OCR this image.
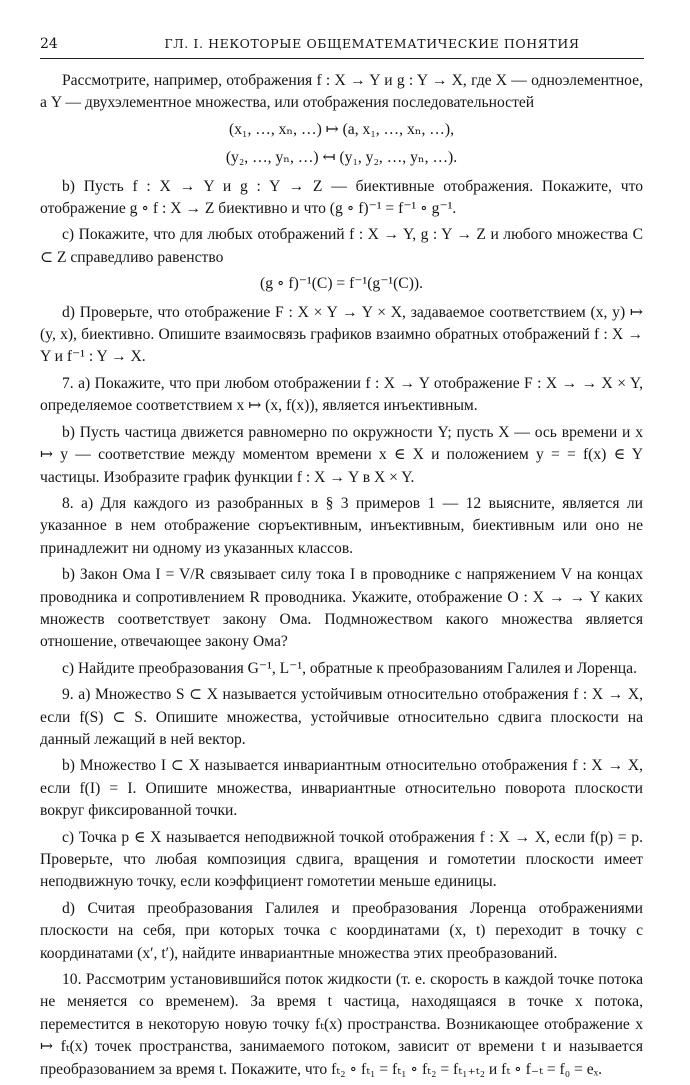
24	ГЛ. I. НЕКОТОРЫЕ ОБЩЕМАТЕМАТИЧЕСКИЕ ПОНЯТИЯ

Рассмотрите, например, отображения f : X → Y и g : Y → X, где X — одноэлементное, а Y — двухэлементное множества, или отображения последовательностей

(x₁, …, xₙ, …) ↦ (a, x₁, …, xₙ, …),
(y₂, …, yₙ, …) ↤ (y₁, y₂, …, yₙ, …).

b) Пусть f : X → Y и g : Y → Z — биективные отображения. Покажите, что отображение g ∘ f : X → Z биективно и что (g ∘ f)⁻¹ = f⁻¹ ∘ g⁻¹.

c) Покажите, что для любых отображений f : X → Y, g : Y → Z и любого множества C ⊂ Z справедливо равенство

(g ∘ f)⁻¹(C) = f⁻¹(g⁻¹(C)).

d) Проверьте, что отображение F : X × Y → Y × X, задаваемое соответствием (x, y) ↦ (y, x), биективно. Опишите взаимосвязь графиков взаимно обратных отображений f : X → Y и f⁻¹ : Y → X.

7. a) Покажите, что при любом отображении f : X → Y отображение F : X → → X × Y, определяемое соответствием x ↦ (x, f(x)), является инъективным.

b) Пусть частица движется равномерно по окружности Y; пусть X — ось времени и x ↦ y — соответствие между моментом времени x ∈ X и положением y = = f(x) ∈ Y частицы. Изобразите график функции f : X → Y в X × Y.

8. a) Для каждого из разобранных в § 3 примеров 1 — 12 выясните, является ли указанное в нем отображение сюръективным, инъективным, биективным или оно не принадлежит ни одному из указанных классов.

b) Закон Ома I = V/R связывает силу тока I в проводнике с напряжением V на концах проводника и сопротивлением R проводника. Укажите, отображение O : X → → Y каких множеств соответствует закону Ома. Подмножеством какого множества является отношение, отвечающее закону Ома?

c) Найдите преобразования G⁻¹, L⁻¹, обратные к преобразованиям Галилея и Лоренца.

9. a) Множество S ⊂ X называется устойчивым относительно отображения f : X → X, если f(S) ⊂ S. Опишите множества, устойчивые относительно сдвига плоскости на данный лежащий в ней вектор.

b) Множество I ⊂ X называется инвариантным относительно отображения f : X → X, если f(I) = I. Опишите множества, инвариантные относительно поворота плоскости вокруг фиксированной точки.

c) Точка p ∈ X называется неподвижной точкой отображения f : X → X, если f(p) = p. Проверьте, что любая композиция сдвига, вращения и гомотетии плоскости имеет неподвижную точку, если коэффициент гомотетии меньше единицы.

d) Считая преобразования Галилея и преобразования Лоренца отображениями плоскости на себя, при которых точка с координатами (x, t) переходит в точку с координатами (x′, t′), найдите инвариантные множества этих преобразований.

10. Рассмотрим установившийся поток жидкости (т. е. скорость в каждой точке потока не меняется со временем). За время t частица, находящаяся в точке x потока, переместится в некоторую новую точку fₜ(x) пространства. Возникающее отображение x ↦ fₜ(x) точек пространства, занимаемого потоком, зависит от времени t и называется преобразованием за время t. Покажите, что fₜ₂ ∘ fₜ₁ = fₜ₁ ∘ fₜ₂ = fₜ₁₊ₜ₂ и fₜ ∘ f₋ₜ = f₀ = eₓ.
